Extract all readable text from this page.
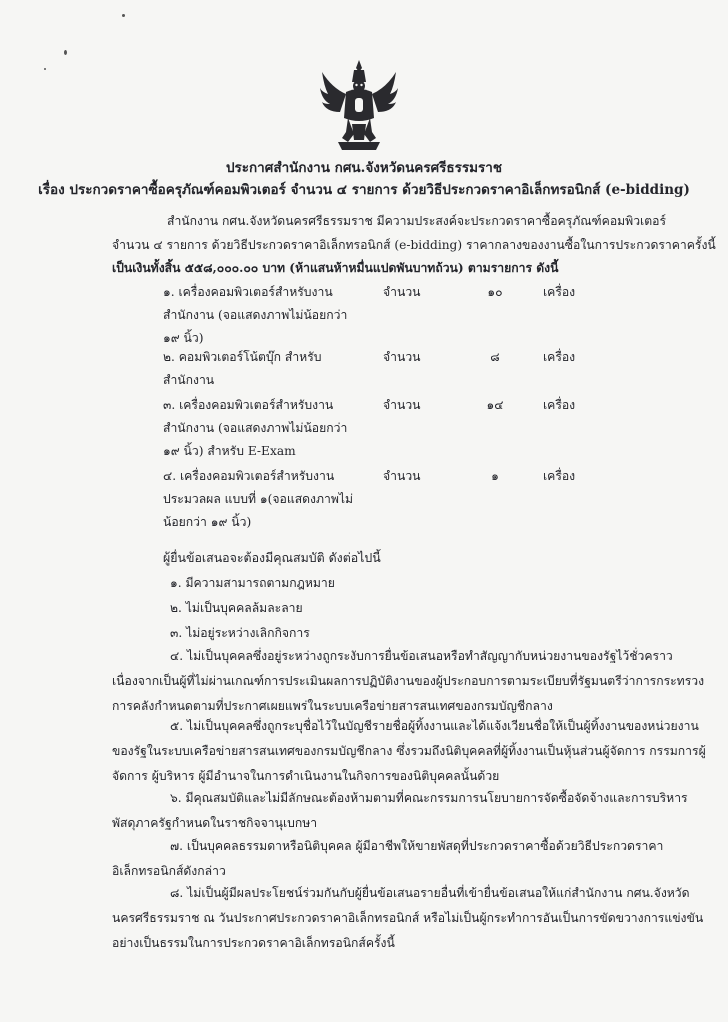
ประกาศสำนักงาน กศน.จังหวัดนครศรีธรรมราช
เรื่อง ประกวดราคาซื้อครุภัณฑ์คอมพิวเตอร์ จำนวน ๔ รายการ ด้วยวิธีประกวดราคาอิเล็กทรอนิกส์ (e-bidding)
สำนักงาน กศน.จังหวัดนครศรีธรรมราช มีความประสงค์จะประกวดราคาซื้อครุภัณฑ์คอมพิวเตอร์
จำนวน ๔ รายการ ด้วยวิธีประกวดราคาอิเล็กทรอนิกส์ (e-bidding) ราคากลางของงานซื้อในการประกวดราคาครั้งนี้
เป็นเงินทั้งสิ้น ๕๕๘,๐๐๐.๐๐ บาท (ห้าแสนห้าหมื่นแปดพันบาทถ้วน) ตามรายการ ดังนี้
๑. เครื่องคอมพิวเตอร์สำหรับงาน
สำนักงาน (จอแสดงภาพไม่น้อยกว่า
๑๙ นิ้ว)
จำนวน	๑๐	เครื่อง
๒. คอมพิวเตอร์โน้ตบุ๊ก สำหรับ
สำนักงาน
จำนวน	๘	เครื่อง
๓. เครื่องคอมพิวเตอร์สำหรับงาน
สำนักงาน (จอแสดงภาพไม่น้อยกว่า
๑๙ นิ้ว) สำหรับ E-Exam
จำนวน	๑๔	เครื่อง
๔. เครื่องคอมพิวเตอร์สำหรับงาน
ประมวลผล แบบที่ ๑(จอแสดงภาพไม่
น้อยกว่า ๑๙ นิ้ว)
จำนวน	๑	เครื่อง
ผู้ยื่นข้อเสนอจะต้องมีคุณสมบัติ ดังต่อไปนี้
๑. มีความสามารถตามกฎหมาย
๒. ไม่เป็นบุคคลล้มละลาย
๓. ไม่อยู่ระหว่างเลิกกิจการ
๔. ไม่เป็นบุคคลซึ่งอยู่ระหว่างถูกระงับการยื่นข้อเสนอหรือทำสัญญากับหน่วยงานของรัฐไว้ชั่วคราว
เนื่องจากเป็นผู้ที่ไม่ผ่านเกณฑ์การประเมินผลการปฏิบัติงานของผู้ประกอบการตามระเบียบที่รัฐมนตรีว่าการกระทรวง
การคลังกำหนดตามที่ประกาศเผยแพร่ในระบบเครือข่ายสารสนเทศของกรมบัญชีกลาง
๕. ไม่เป็นบุคคลซึ่งถูกระบุชื่อไว้ในบัญชีรายชื่อผู้ทิ้งงานและได้แจ้งเวียนชื่อให้เป็นผู้ทิ้งงานของหน่วยงาน
ของรัฐในระบบเครือข่ายสารสนเทศของกรมบัญชีกลาง ซึ่งรวมถึงนิติบุคคลที่ผู้ทิ้งงานเป็นหุ้นส่วนผู้จัดการ กรรมการผู้
จัดการ ผู้บริหาร ผู้มีอำนาจในการดำเนินงานในกิจการของนิติบุคคลนั้นด้วย
๖. มีคุณสมบัติและไม่มีลักษณะต้องห้ามตามที่คณะกรรมการนโยบายการจัดซื้อจัดจ้างและการบริหาร
พัสดุภาครัฐกำหนดในราชกิจจานุเบกษา
๗. เป็นบุคคลธรรมดาหรือนิติบุคคล ผู้มีอาชีพให้ขายพัสดุที่ประกวดราคาซื้อด้วยวิธีประกวดราคา
อิเล็กทรอนิกส์ดังกล่าว
๘. ไม่เป็นผู้มีผลประโยชน์ร่วมกันกับผู้ยื่นข้อเสนอรายอื่นที่เข้ายื่นข้อเสนอให้แก่สำนักงาน กศน.จังหวัด
นครศรีธรรมราช ณ วันประกาศประกวดราคาอิเล็กทรอนิกส์ หรือไม่เป็นผู้กระทำการอันเป็นการขัดขวางการแข่งขัน
อย่างเป็นธรรมในการประกวดราคาอิเล็กทรอนิกส์ครั้งนี้
